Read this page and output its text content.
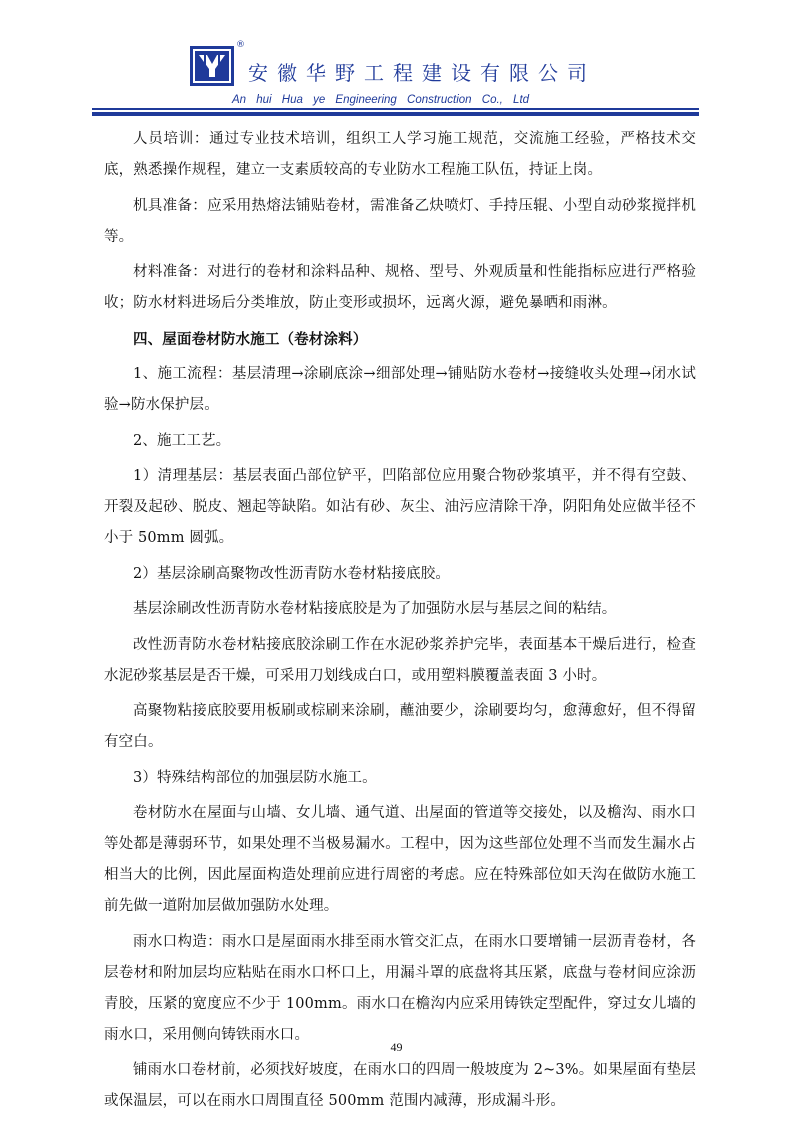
®
安徽华野工程建设有限公司
An hui Hua ye Engineering Construction Co., Ltd

人员培训：通过专业技术培训，组织工人学习施工规范，交流施工经验，严格技术交底，熟悉操作规程，建立一支素质较高的专业防水工程施工队伍，持证上岗。

机具准备：应采用热熔法铺贴卷材，需准备乙炔喷灯、手持压辊、小型自动砂浆搅拌机等。

材料准备：对进行的卷材和涂料品种、规格、型号、外观质量和性能指标应进行严格验收；防水材料进场后分类堆放，防止变形或损坏，远离火源，避免暴晒和雨淋。

四、屋面卷材防水施工（卷材涂料）

1、施工流程：基层清理→涂刷底涂→细部处理→铺贴防水卷材→接缝收头处理→闭水试验→防水保护层。

2、施工工艺。

1）清理基层：基层表面凸部位铲平，凹陷部位应用聚合物砂浆填平，并不得有空鼓、开裂及起砂、脱皮、翘起等缺陷。如沾有砂、灰尘、油污应清除干净，阴阳角处应做半径不小于 50mm 圆弧。

2）基层涂刷高聚物改性沥青防水卷材粘接底胶。

基层涂刷改性沥青防水卷材粘接底胶是为了加强防水层与基层之间的粘结。

改性沥青防水卷材粘接底胶涂刷工作在水泥砂浆养护完毕，表面基本干燥后进行，检查水泥砂浆基层是否干燥，可采用刀划线成白口，或用塑料膜覆盖表面 3 小时。

高聚物粘接底胶要用板刷或棕刷来涂刷，蘸油要少，涂刷要均匀，愈薄愈好，但不得留有空白。

3）特殊结构部位的加强层防水施工。

卷材防水在屋面与山墙、女儿墙、通气道、出屋面的管道等交接处，以及檐沟、雨水口等处都是薄弱环节，如果处理不当极易漏水。工程中，因为这些部位处理不当而发生漏水占相当大的比例，因此屋面构造处理前应进行周密的考虑。应在特殊部位如天沟在做防水施工前先做一道附加层做加强防水处理。

雨水口构造：雨水口是屋面雨水排至雨水管交汇点，在雨水口要增铺一层沥青卷材，各层卷材和附加层均应粘贴在雨水口杯口上，用漏斗罩的底盘将其压紧，底盘与卷材间应涂沥青胶，压紧的宽度应不少于 100mm。雨水口在檐沟内应采用铸铁定型配件，穿过女儿墙的雨水口，采用侧向铸铁雨水口。

铺雨水口卷材前，必须找好坡度，在雨水口的四周一般坡度为 2~3%。如果屋面有垫层或保温层，可以在雨水口周围直径 500mm 范围内减薄，形成漏斗形。

49
